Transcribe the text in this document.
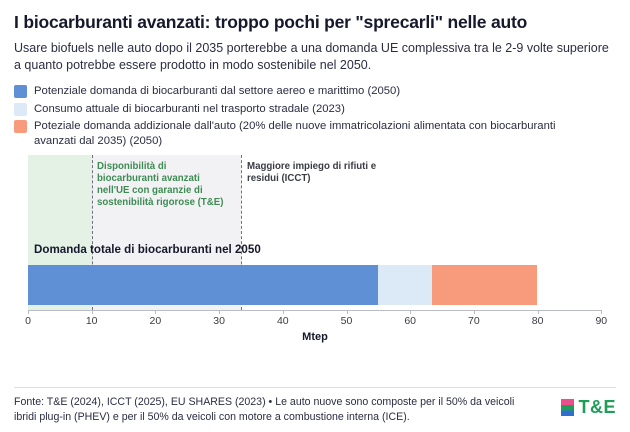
I biocarburanti avanzati: troppo pochi per "sprecarli" nelle auto
Usare biofuels nelle auto dopo il 2035 porterebbe a una domanda UE complessiva tra le 2-9 volte superiore a quanto potrebbe essere prodotto in modo sostenibile nel 2050.
Potenziale domanda di biocarburanti dal settore aereo e marittimo (2050)
Consumo attuale di biocarburanti nel trasporto stradale (2023)
Poteziale domanda addizionale dall'auto (20% delle nuove immatricolazioni alimentata con biocarburanti avanzati dal 2035) (2050)
Disponibilità di biocarburanti avanzati nell'UE con garanzie di sostenibilità rigorose (T&E)
Maggiore impiego di rifiuti e residui (ICCT)
Domanda totale di biocarburanti nel 2050
0	10	20	30	40	50	60	70	80	90
Mtep
Fonte: T&E (2024), ICCT (2025), EU SHARES (2023) • Le auto nuove sono composte per il 50% da veicoli ibridi plug-in (PHEV) e per il 50% da veicoli con motore a combustione interna (ICE).	T&E
